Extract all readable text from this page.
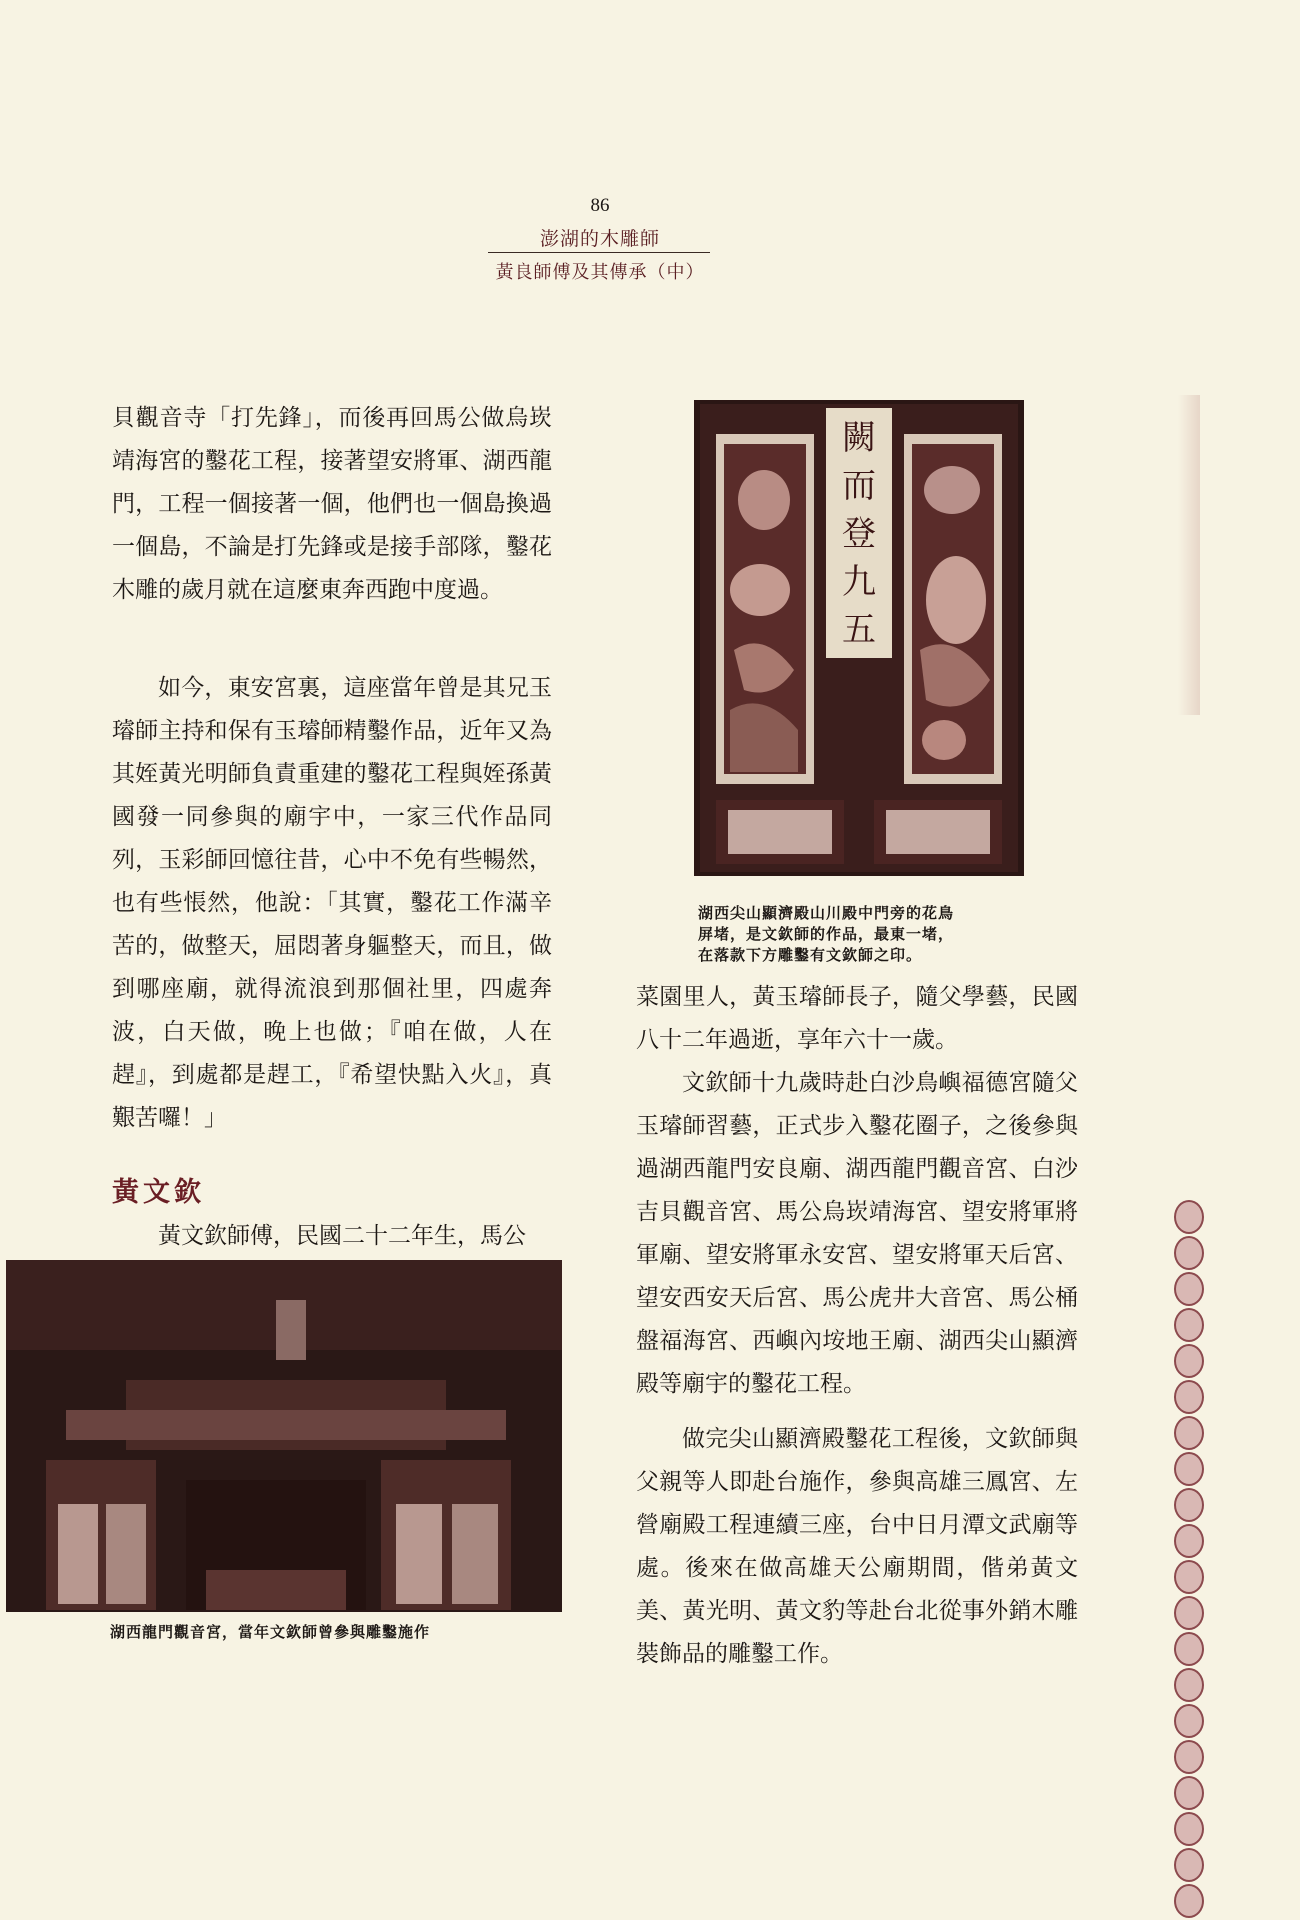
86
澎湖的木雕師
黃良師傅及其傳承（中）

貝觀音寺「打先鋒」，而後再回馬公做烏崁靖海宮的鑿花工程，接著望安將軍、湖西龍門，工程一個接著一個，他們也一個島換過一個島，不論是打先鋒或是接手部隊，鑿花木雕的歲月就在這麼東奔西跑中度過。

如今，東安宮裏，這座當年曾是其兄玉璿師主持和保有玉璿師精鑿作品，近年又為其姪黃光明師負責重建的鑿花工程與姪孫黃國發一同參與的廟宇中，一家三代作品同列，玉彩師回憶往昔，心中不免有些暢然，也有些悵然，他說：「其實，鑿花工作滿辛苦的，做整天，屈悶著身軀整天，而且，做到哪座廟，就得流浪到那個社里，四處奔波，白天做，晚上也做；『咱在做，人在趕』，到處都是趕工，『希望快點入火』，真艱苦囉！」

黃文欽

黃文欽師傅，民國二十二年生，馬公

闕而登九五
湖西尖山顯濟殿山川殿中門旁的花鳥
屏堵，是文欽師的作品，最東一堵，
在落款下方雕鑿有文欽師之印。

菜園里人，黃玉璿師長子，隨父學藝，民國八十二年過逝，享年六十一歲。

文欽師十九歲時赴白沙鳥嶼福德宮隨父玉璿師習藝，正式步入鑿花圈子，之後參與過湖西龍門安良廟、湖西龍門觀音宮、白沙吉貝觀音宮、馬公烏崁靖海宮、望安將軍將軍廟、望安將軍永安宮、望安將軍天后宮、望安西安天后宮、馬公虎井大音宮、馬公桶盤福海宮、西嶼內垵地王廟、湖西尖山顯濟殿等廟宇的鑿花工程。

做完尖山顯濟殿鑿花工程後，文欽師與父親等人即赴台施作，參與高雄三鳳宮、左營廟殿工程連續三座，台中日月潭文武廟等處。後來在做高雄天公廟期間，偕弟黃文美、黃光明、黃文豹等赴台北從事外銷木雕裝飾品的雕鑿工作。

湖西龍門觀音宮，當年文欽師曾參與雕鑿施作
